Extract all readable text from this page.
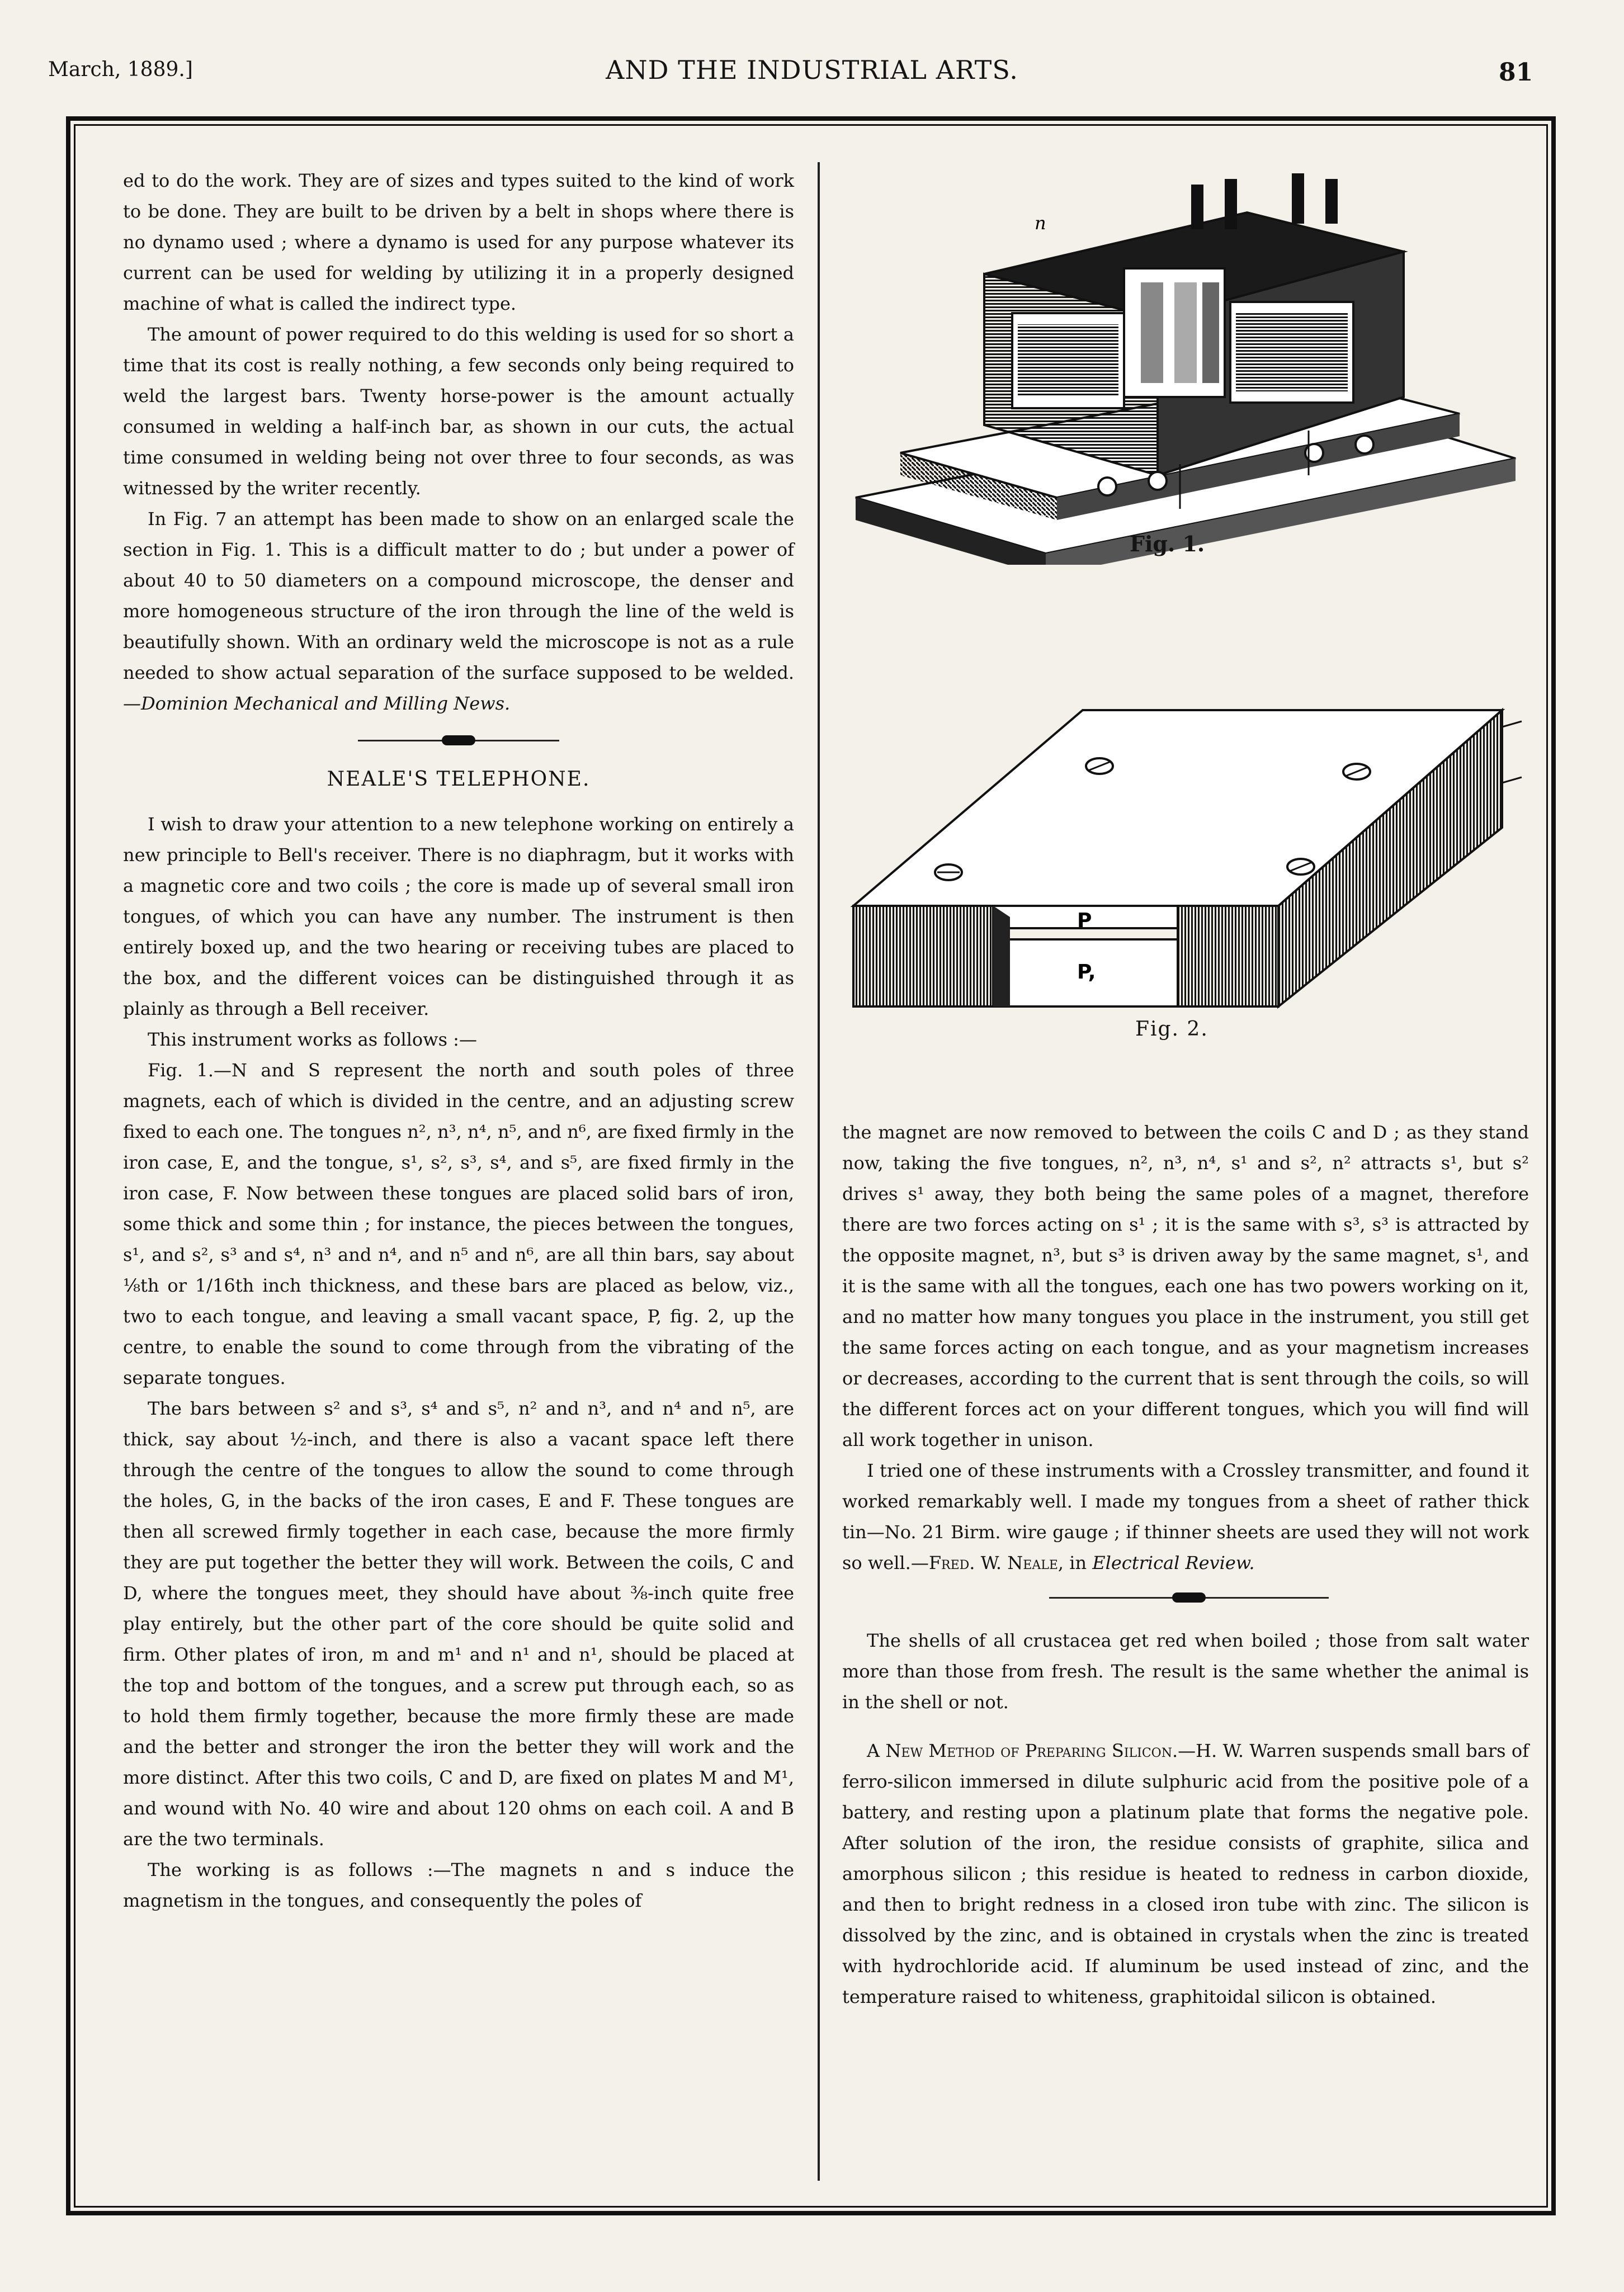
March, 1889.]	AND THE INDUSTRIAL ARTS.	81

ed to do the work. They are of sizes and types suited to the kind of work to be done. They are built to be driven by a belt in shops where there is no dynamo used ; where a dynamo is used for any purpose whatever its current can be used for welding by utilizing it in a properly designed machine of what is called the indirect type.

The amount of power required to do this welding is used for so short a time that its cost is really nothing, a few seconds only being required to weld the largest bars. Twenty horse-power is the amount actually consumed in welding a half-inch bar, as shown in our cuts, the actual time consumed in welding being not over three to four seconds, as was witnessed by the writer recently.

In Fig. 7 an attempt has been made to show on an enlarged scale the section in Fig. 1. This is a difficult matter to do ; but under a power of about 40 to 50 diameters on a compound microscope, the denser and more homogeneous structure of the iron through the line of the weld is beautifully shown. With an ordinary weld the microscope is not as a rule needed to show actual separation of the surface supposed to be welded.—Dominion Mechanical and Milling News.

NEALE'S TELEPHONE.

I wish to draw your attention to a new telephone working on entirely a new principle to Bell's receiver. There is no diaphragm, but it works with a magnetic core and two coils ; the core is made up of several small iron tongues, of which you can have any number. The instrument is then entirely boxed up, and the two hearing or receiving tubes are placed to the box, and the different voices can be distinguished through it as plainly as through a Bell receiver.

This instrument works as follows :—

Fig. 1.—N and S represent the north and south poles of three magnets, each of which is divided in the centre, and an adjusting screw fixed to each one. The tongues n², n³, n⁴, n⁵, and n⁶, are fixed firmly in the iron case, E, and the tongue, s¹, s², s³, s⁴, and s⁵, are fixed firmly in the iron case, F. Now between these tongues are placed solid bars of iron, some thick and some thin ; for instance, the pieces between the tongues, s¹, and s², s³ and s⁴, n³ and n⁴, and n⁵ and n⁶, are all thin bars, say about ⅛th or 1/16th inch thickness, and these bars are placed as below, viz., two to each tongue, and leaving a small vacant space, P, fig. 2, up the centre, to enable the sound to come through from the vibrating of the separate tongues.

The bars between s² and s³, s⁴ and s⁵, n² and n³, and n⁴ and n⁵, are thick, say about ½-inch, and there is also a vacant space left there through the centre of the tongues to allow the sound to come through the holes, G, in the backs of the iron cases, E and F. These tongues are then all screwed firmly together in each case, because the more firmly they are put together the better they will work. Between the coils, C and D, where the tongues meet, they should have about ⅜-inch quite free play entirely, but the other part of the core should be quite solid and firm. Other plates of iron, m and m¹ and n¹ and n¹, should be placed at the top and bottom of the tongues, and a screw put through each, so as to hold them firmly together, because the more firmly these are made and the better and stronger the iron the better they will work and the more distinct. After this two coils, C and D, are fixed on plates M and M¹, and wound with No. 40 wire and about 120 ohms on each coil. A and B are the two terminals.

The working is as follows :—The magnets n and s induce the magnetism in the tongues, and consequently the poles of

n
Fig. 1.
P
P,
Fig. 2.

the magnet are now removed to between the coils C and D ; as they stand now, taking the five tongues, n², n³, n⁴, s¹ and s², n² attracts s¹, but s² drives s¹ away, they both being the same poles of a magnet, therefore there are two forces acting on s¹ ; it is the same with s³, s³ is attracted by the opposite magnet, n³, but s³ is driven away by the same magnet, s¹, and it is the same with all the tongues, each one has two powers working on it, and no matter how many tongues you place in the instrument, you still get the same forces acting on each tongue, and as your magnetism increases or decreases, according to the current that is sent through the coils, so will the different forces act on your different tongues, which you will find will all work together in unison.

I tried one of these instruments with a Crossley transmitter, and found it worked remarkably well. I made my tongues from a sheet of rather thick tin—No. 21 Birm. wire gauge ; if thinner sheets are used they will not work so well.—Fred. W. Neale, in Electrical Review.

The shells of all crustacea get red when boiled ; those from salt water more than those from fresh. The result is the same whether the animal is in the shell or not.

A New Method of Preparing Silicon.—H. W. Warren suspends small bars of ferro-silicon immersed in dilute sulphuric acid from the positive pole of a battery, and resting upon a platinum plate that forms the negative pole. After solution of the iron, the residue consists of graphite, silica and amorphous silicon ; this residue is heated to redness in carbon dioxide, and then to bright redness in a closed iron tube with zinc. The silicon is dissolved by the zinc, and is obtained in crystals when the zinc is treated with hydrochloride acid. If aluminum be used instead of zinc, and the temperature raised to whiteness, graphitoidal silicon is obtained.
